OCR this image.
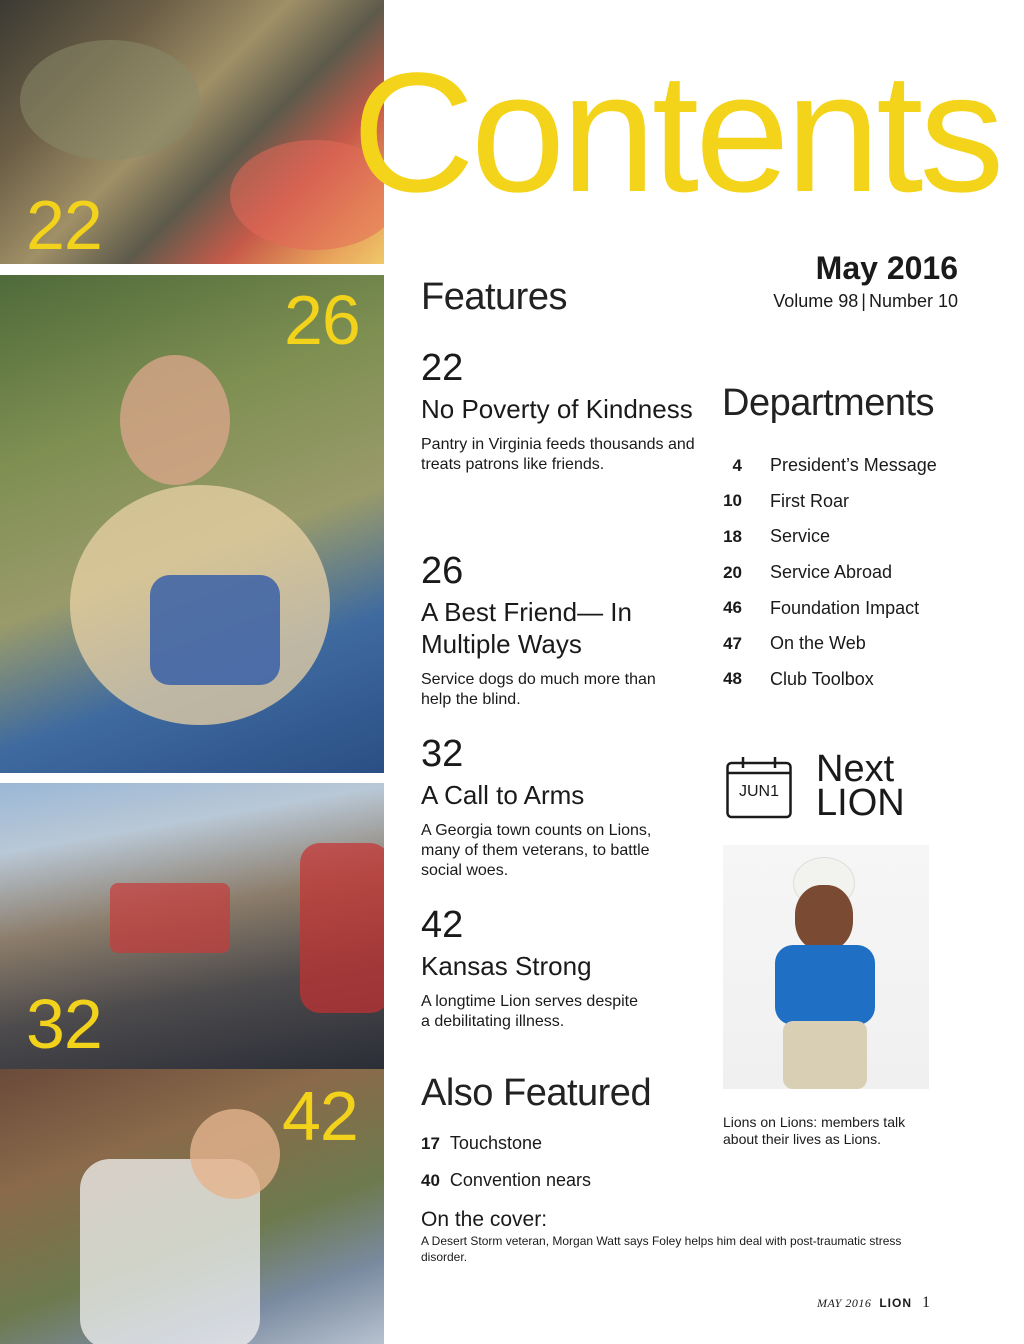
22
26
32
42
Contents

May 2016

Volume 98 | Number 10
Features

22

No Poverty of Kindness

Pantry in Virginia feeds thousands and treats patrons like friends.

26

A Best Friend— In Multiple Ways

Service dogs do much more than help the blind.

32

A Call to Arms

A Georgia town counts on Lions, many of them veterans, to battle social woes.

42

Kansas Strong

A longtime Lion serves despite a debilitating illness.

Departments
4 President’s Message
10 First Roar
18 Service
20 Service Abroad
46 Foundation Impact
47 On the Web
48 Club Toolbox
JUN1
Next
LION

Lions on Lions: members talk about their lives as Lions.

Also Featured
17 Touchstone
40 Convention nears

On the cover:

A Desert Storm veteran, Morgan Watt says Foley helps him deal with post-traumatic stress disorder.

MAY 2016 LION 1
